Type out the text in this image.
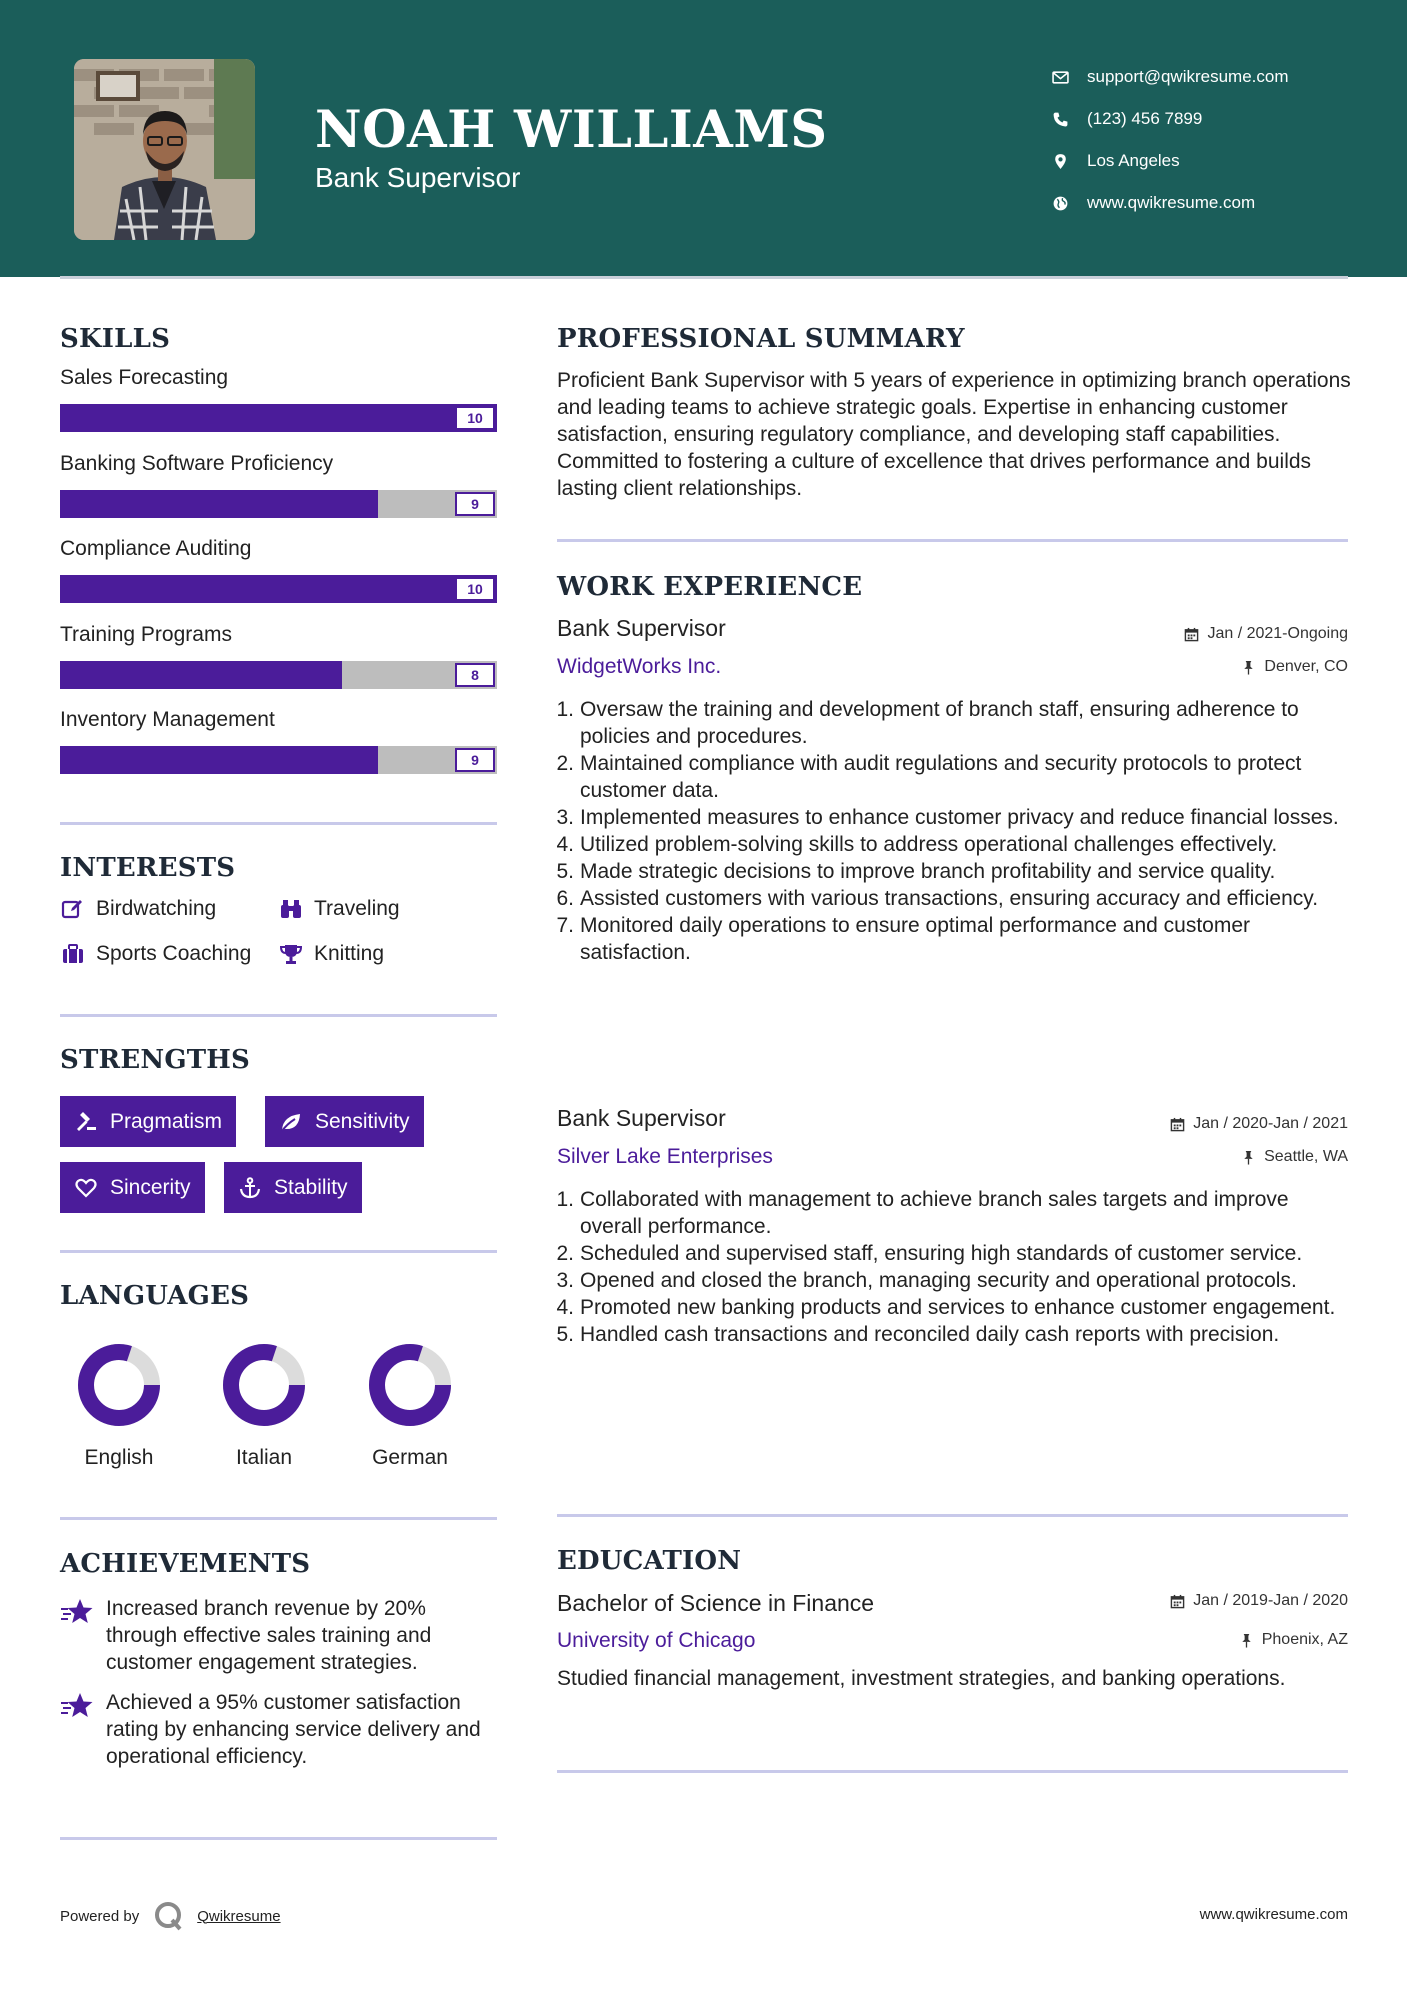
NOAH WILLIAMS
Bank Supervisor
support@qwikresume.com
(123) 456 7899
Los Angeles
www.qwikresume.com
SKILLS
Sales Forecasting
10
Banking Software Proficiency
9
Compliance Auditing
10
Training Programs
8
Inventory Management
9
INTERESTS
Birdwatching	Traveling
Sports Coaching	Knitting
STRENGTHS
Pragmatism	Sensitivity
Sincerity	Stability
LANGUAGES
English	Italian	German
ACHIEVEMENTS
Increased branch revenue by 20% through effective sales training and customer engagement strategies.
Achieved a 95% customer satisfaction rating by enhancing service delivery and operational efficiency.
PROFESSIONAL SUMMARY
Proficient Bank Supervisor with 5 years of experience in optimizing branch operations and leading teams to achieve strategic goals. Expertise in enhancing customer satisfaction, ensuring regulatory compliance, and developing staff capabilities. Committed to fostering a culture of excellence that drives performance and builds lasting client relationships.
WORK EXPERIENCE
Bank Supervisor	Jan / 2021-Ongoing
WidgetWorks Inc.	Denver, CO
1. Oversaw the training and development of branch staff, ensuring adherence to policies and procedures.
2. Maintained compliance with audit regulations and security protocols to protect customer data.
3. Implemented measures to enhance customer privacy and reduce financial losses.
4. Utilized problem-solving skills to address operational challenges effectively.
5. Made strategic decisions to improve branch profitability and service quality.
6. Assisted customers with various transactions, ensuring accuracy and efficiency.
7. Monitored daily operations to ensure optimal performance and customer satisfaction.
Bank Supervisor	Jan / 2020-Jan / 2021
Silver Lake Enterprises	Seattle, WA
1. Collaborated with management to achieve branch sales targets and improve overall performance.
2. Scheduled and supervised staff, ensuring high standards of customer service.
3. Opened and closed the branch, managing security and operational protocols.
4. Promoted new banking products and services to enhance customer engagement.
5. Handled cash transactions and reconciled daily cash reports with precision.
EDUCATION
Bachelor of Science in Finance	Jan / 2019-Jan / 2020
University of Chicago	Phoenix, AZ
Studied financial management, investment strategies, and banking operations.
Powered by	Qwikresume	www.qwikresume.com
